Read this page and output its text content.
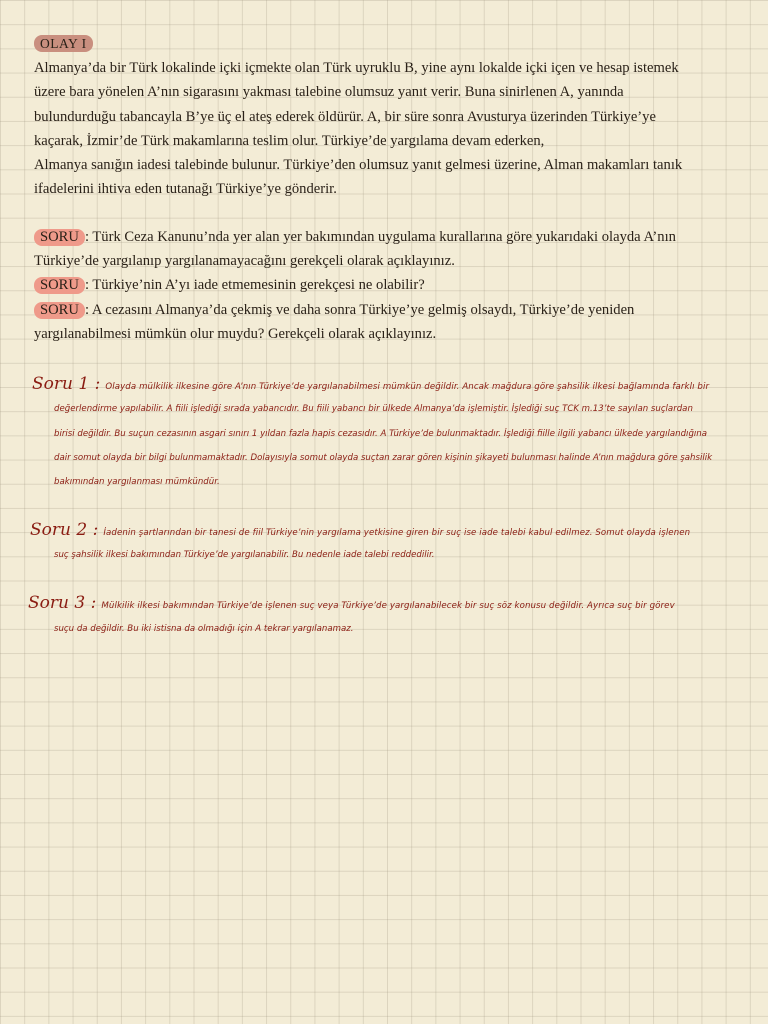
OLAY I
Almanya’da bir Türk lokalinde içki içmekte olan Türk uyruklu B, yine aynı lokalde içki içen ve hesap istemek
üzere bara yönelen A’nın sigarasını yakması talebine olumsuz yanıt verir. Buna sinirlenen A, yanında
bulundurduğu tabancayla B’ye üç el ateş ederek öldürür. A, bir süre sonra Avusturya üzerinden Türkiye’ye
kaçarak, İzmir’de Türk makamlarına teslim olur. Türkiye’de yargılama devam ederken,
Almanya sanığın iadesi talebinde bulunur. Türkiye’den olumsuz yanıt gelmesi üzerine, Alman makamları tanık
ifadelerini ihtiva eden tutanağı Türkiye’ye gönderir.
SORU : Türk Ceza Kanunu’nda yer alan yer bakımından uygulama kurallarına göre yukarıdaki olayda A’nın
Türkiye’de yargılanıp yargılanamayacağını gerekçeli olarak açıklayınız.
SORU : Türkiye’nin A’yı iade etmemesinin gerekçesi ne olabilir?
SORU : A cezasını Almanya’da çekmiş ve daha sonra Türkiye’ye gelmiş olsaydı, Türkiye’de yeniden
yargılanabilmesi mümkün olur muydu? Gerekçeli olarak açıklayınız.
Soru 1 : Olayda mülkilik ilkesine göre A’nın Türkiye’de yargılanabilmesi mümkün değildir. Ancak mağdura göre şahsilik ilkesi bağlamında farklı bir
değerlendirme yapılabilir. A fiili işlediği sırada yabancıdır. Bu fiili yabancı bir ülkede Almanya’da işlemiştir. İşlediği suç TCK m.13’te sayılan suçlardan
birisi değildir. Bu suçun cezasının asgari sınırı 1 yıldan fazla hapis cezasıdır. A Türkiye’de bulunmaktadır. İşlediği fiille ilgili yabancı ülkede yargılandığına
dair somut olayda bir bilgi bulunmamaktadır. Dolayısıyla somut olayda suçtan zarar gören kişinin şikayeti bulunması halinde A’nın mağdura göre şahsilik
bakımından yargılanması mümkündür.
Soru 2 : İadenin şartlarından bir tanesi de fiil Türkiye’nin yargılama yetkisine giren bir suç ise iade talebi kabul edilmez. Somut olayda işlenen
suç şahsilik ilkesi bakımından Türkiye’de yargılanabilir. Bu nedenle iade talebi reddedilir.
Soru 3 : Mülkilik ilkesi bakımından Türkiye’de işlenen suç veya Türkiye’de yargılanabilecek bir suç söz konusu değildir. Ayrıca suç bir görev
suçu da değildir. Bu iki istisna da olmadığı için A tekrar yargılanamaz.
